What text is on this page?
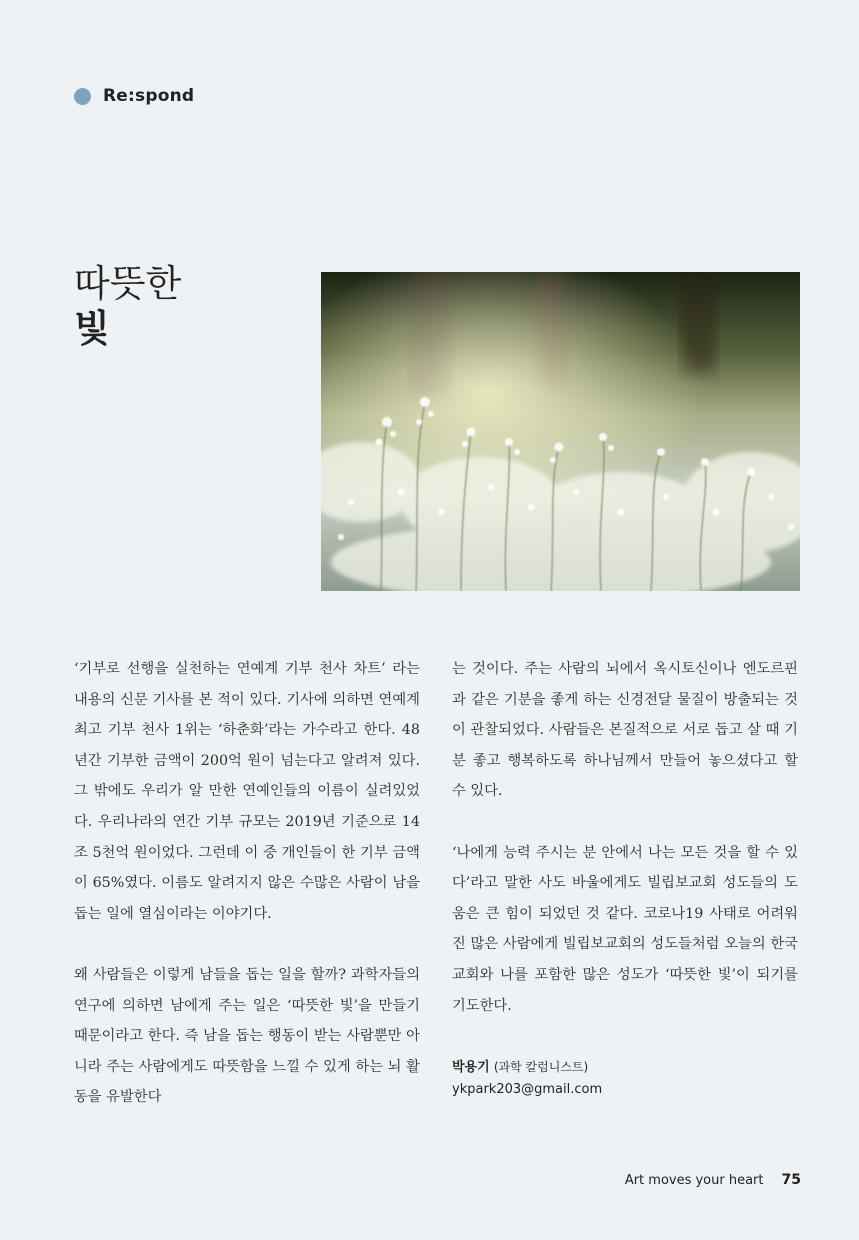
Re:spond
따뜻한
빛

‘기부로 선행을 실천하는 연예계 기부 천사 차트’ 라는 내용의 신문 기사를 본 적이 있다. 기사에 의하면 연예계 최고 기부 천사 1위는 ‘하춘화’라는 가수라고 한다. 48년간 기부한 금액이 200억 원이 넘는다고 알려져 있다. 그 밖에도 우리가 알 만한 연예인들의 이름이 실려있었다. 우리나라의 연간 기부 규모는 2019년 기준으로 14조 5천억 원이었다. 그런데 이 중 개인들이 한 기부 금액이 65%였다. 이름도 알려지지 않은 수많은 사람이 남을 돕는 일에 열심이라는 이야기다.

왜 사람들은 이렇게 남들을 돕는 일을 할까? 과학자들의 연구에 의하면 남에게 주는 일은 ‘따뜻한 빛’을 만들기 때문이라고 한다. 즉 남을 돕는 행동이 받는 사람뿐만 아니라 주는 사람에게도 따뜻함을 느낄 수 있게 하는 뇌 활동을 유발한다

는 것이다. 주는 사람의 뇌에서 옥시토신이나 엔도르핀과 같은 기분을 좋게 하는 신경전달 물질이 방출되는 것이 관찰되었다. 사람들은 본질적으로 서로 돕고 살 때 기분 좋고 행복하도록 하나님께서 만들어 놓으셨다고 할 수 있다.

‘나에게 능력 주시는 분 안에서 나는 모든 것을 할 수 있다’라고 말한 사도 바울에게도 빌립보교회 성도들의 도움은 큰 힘이 되었던 것 같다. 코로나19 사태로 어려워진 많은 사람에게 빌립보교회의 성도들처럼 오늘의 한국 교회와 나를 포함한 많은 성도가 ‘따뜻한 빛’이 되기를 기도한다.

박용기 (과학 칼럼니스트)
ykpark203@gmail.com
Art moves your heart 75
